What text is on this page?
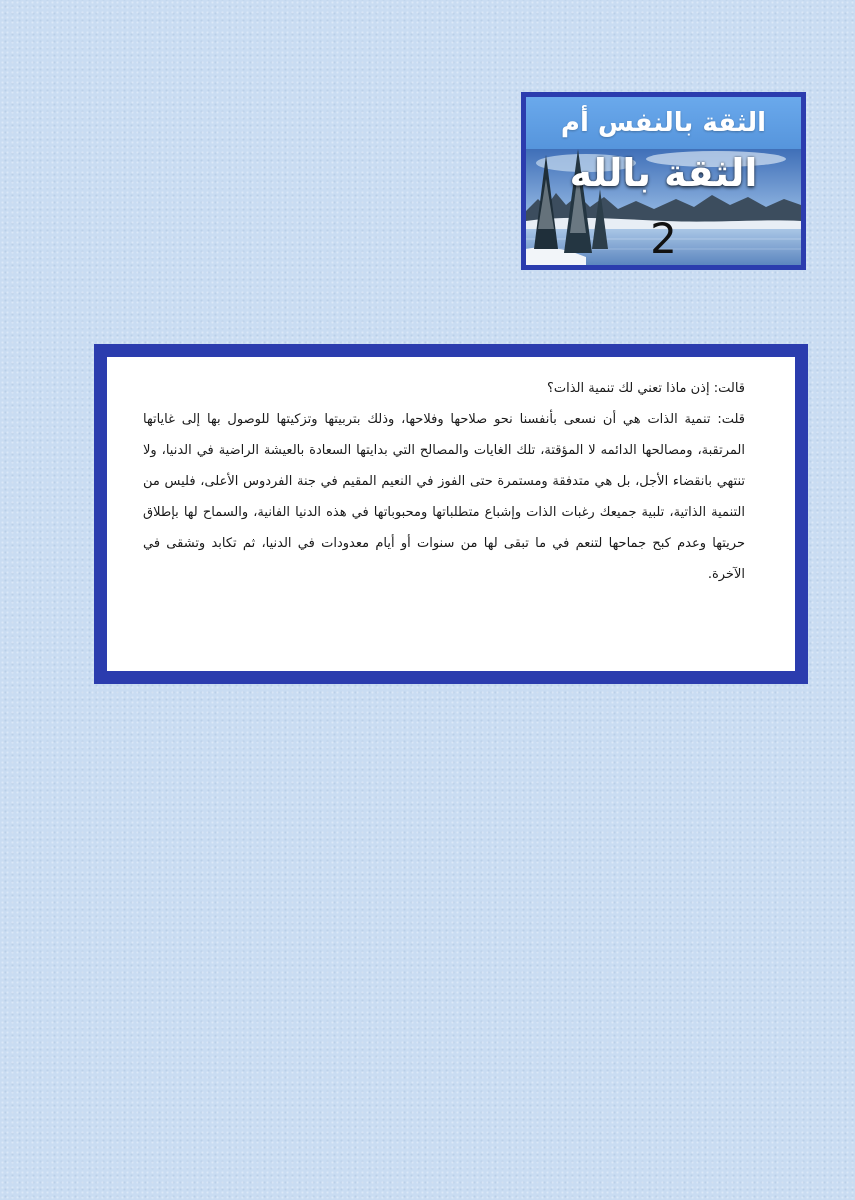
الثقة بالنفس أم
الثقة بالله
2

قالت: إذن ماذا تعني لك تنمية الذات؟

قلت: تنمية الذات هي أن نسعى بأنفسنا نحو صلاحها وفلاحها، وذلك بتربيتها وتزكيتها للوصول بها إلى غاياتها المرتقبة، ومصالحها الدائمه لا المؤقتة، تلك الغايات والمصالح التي بدايتها السعادة بالعيشة الراضية في الدنيا، ولا تنتهي بانقضاء الأجل، بل هي متدفقة ومستمرة حتى الفوز في النعيم المقيم في جنة الفردوس الأعلى، فليس من التنمية الذاتية، تلبية جميعك رغبات الذات وإشباع متطلباتها ومحبوباتها في هذه الدنيا الفانية، والسماح لها بإطلاق حريتها وعدم كبح جماحها لتنعم في ما تبقى لها من سنوات أو أيام معدودات في الدنيا، ثم تكابد وتشقى في الآخرة.
